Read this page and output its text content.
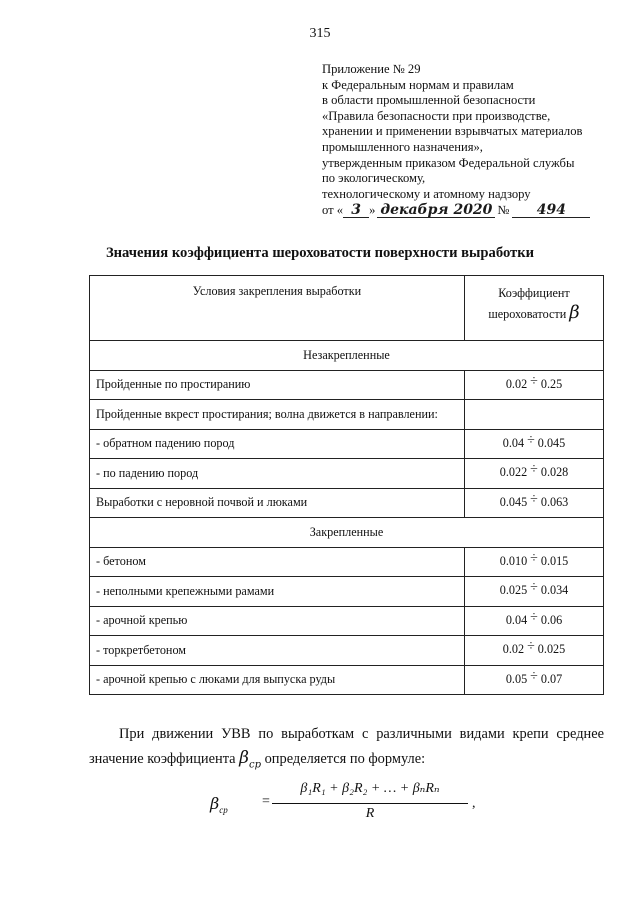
315
Приложение № 29
к Федеральным нормам и правилам
в области промышленной безопасности
«Правила безопасности при производстве,
хранении и применении взрывчатых материалов
промышленного назначения»,
утвержденным приказом Федеральной службы
по экологическому,
технологическому и атомному надзору
от « 3 » декабря 2020 №	494
Значения коэффициента шероховатости поверхности выработки
Условия закрепления выработки	Коэффициент
шероховатости β
Незакрепленные	
Пройденные по простиранию	0.02 ÷ 0.25
Пройденные вкрест простирания; волна движется в направлении:	
- обратном падению пород	0.04 ÷ 0.045
- по падению пород	0.022 ÷ 0.028
Выработки с неровной почвой и люками	0.045 ÷ 0.063
Закрепленные	
- бетоном	0.010 ÷ 0.015
- неполными крепежными рамами	0.025 ÷ 0.034
- арочной крепью	0.04 ÷ 0.06
- торкретбетоном	0.02 ÷ 0.025
- арочной крепью с люками для выпуска руды	0.05 ÷ 0.07
При движении УВВ по выработкам с различными видами крепи среднее значение коэффициента $\beta_{ср}$ определяется по формуле:
$\beta_{ср}$
=
β₁R₁ + β₂R₂ + … + βₙRₙ
R
,
